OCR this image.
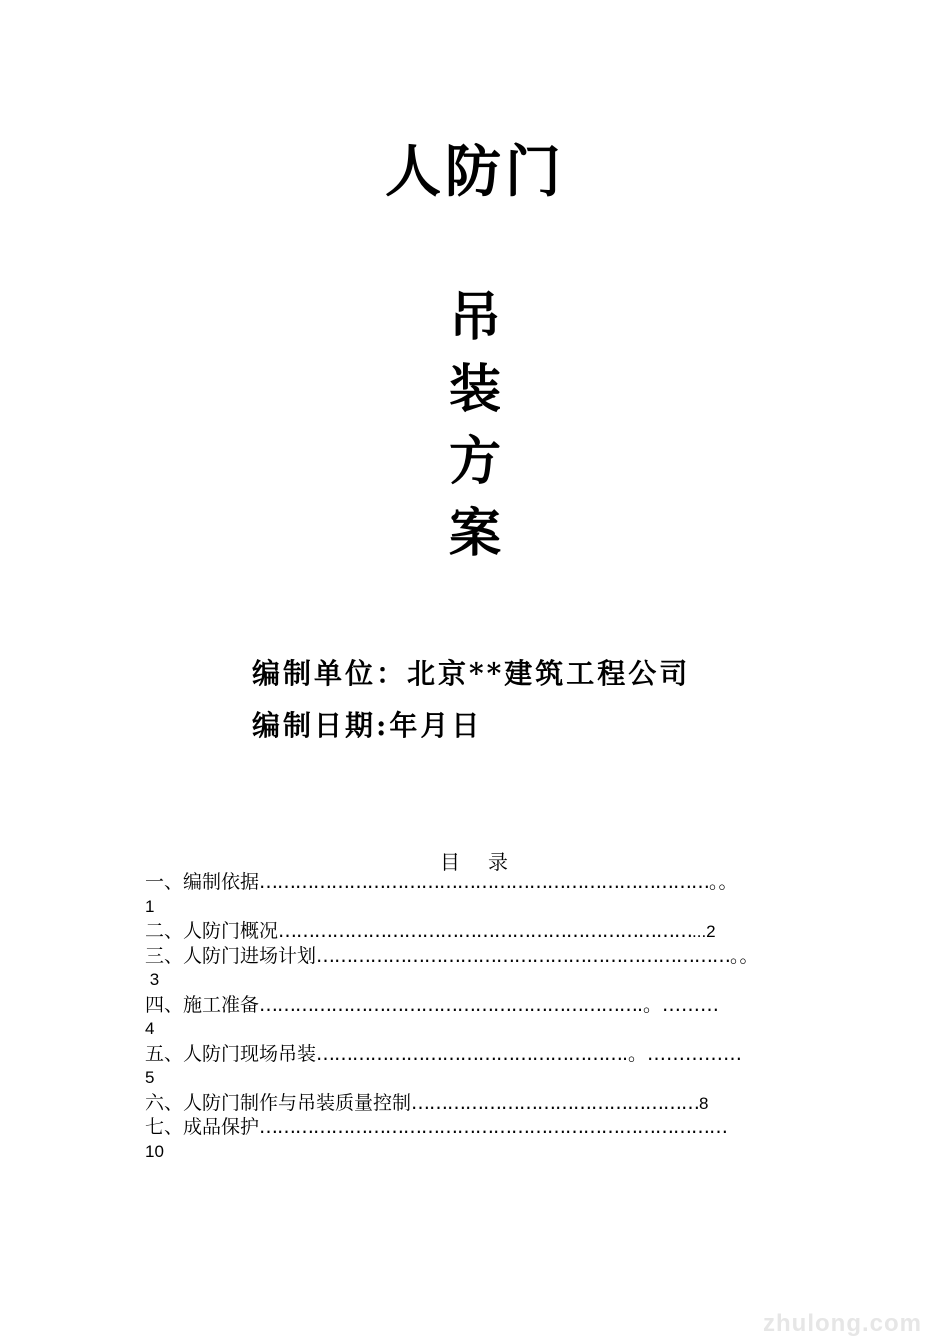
人防门
吊
装
方
案
编制单位：北京**建筑工程公司
编制日期:年月日
目录
一、编制依据…………………………………………………………………。。
1
二、人防门概况……………………………………………………………...2
三、人防门进场计划……………………………………………………………。。
3
四、施工准备……………………………………………………….。………
4
五、人防门现场吊装…………………………………………….。……………
5
六、人防门制作与吊装质量控制…………………………………………8
七、成品保护……………………………………………………………………
10
zhulong.com
